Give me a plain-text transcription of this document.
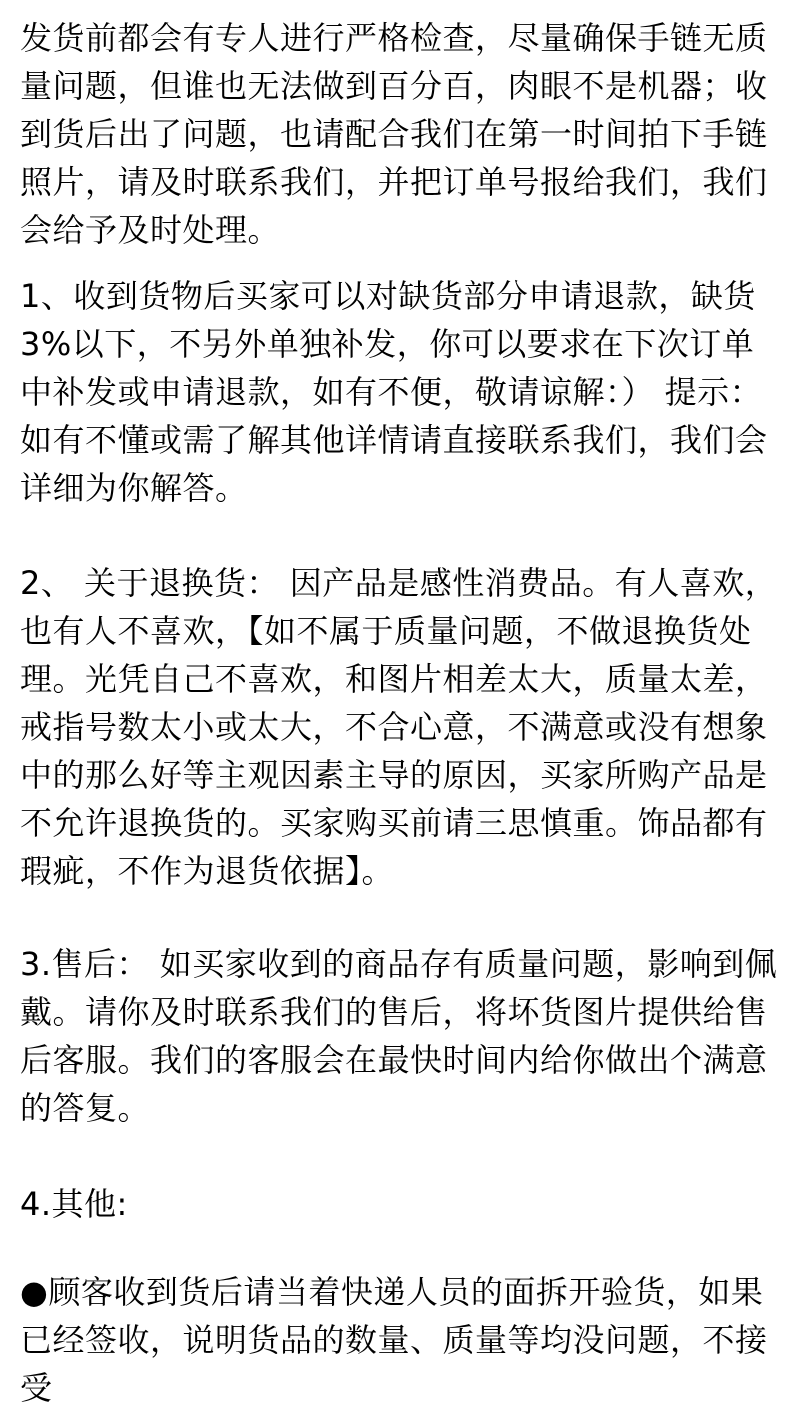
发货前都会有专人进行严格检查，尽量确保手链无质量问题，但谁也无法做到百分百，肉眼不是机器；收到货后出了问题，也请配合我们在第一时间拍下手链照片，请及时联系我们，并把订单号报给我们，我们会给予及时处理。

1、收到货物后买家可以对缺货部分申请退款，缺货3%以下，不另外单独补发，你可以要求在下次订单中补发或申请退款，如有不便，敬请谅解：） 提示：如有不懂或需了解其他详情请直接联系我们，我们会详细为你解答。

2、 关于退换货： 因产品是感性消费品。有人喜欢，也有人不喜欢，【如不属于质量问题，不做退换货处理。光凭自己不喜欢，和图片相差太大，质量太差，戒指号数太小或太大，不合心意，不满意或没有想象中的那么好等主观因素主导的原因，买家所购产品是不允许退换货的。买家购买前请三思慎重。饰品都有瑕疵，不作为退货依据】。

3.售后： 如买家收到的商品存有质量问题，影响到佩戴。请你及时联系我们的售后，将坏货图片提供给售后客服。我们的客服会在最快时间内给你做出个满意的答复。

4.其他:

●顾客收到货后请当着快递人员的面拆开验货，如果已经签收，说明货品的数量、质量等均没问题，不接受
